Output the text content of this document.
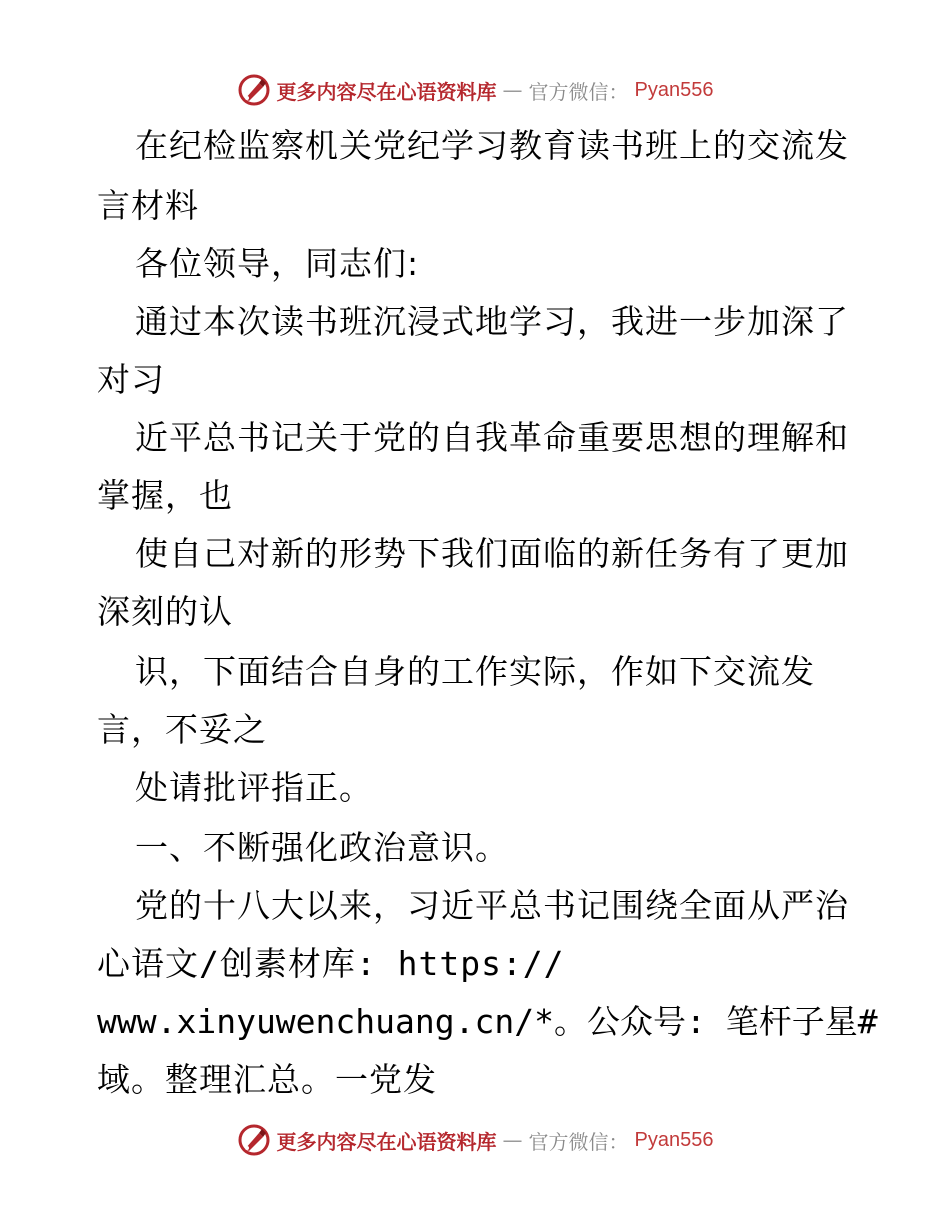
更多内容尽在心语资料库 — 官方微信： Pyan556
在纪检监察机关党纪学习教育读书班上的交流发
言材料
各位领导，同志们:
通过本次读书班沉浸式地学习，我进一步加深了
对习
近平总书记关于党的自我革命重要思想的理解和
掌握，也
使自己对新的形势下我们面临的新任务有了更加
深刻的认
识，下面结合自身的工作实际，作如下交流发
言，不妥之
处请批评指正。
一、不断强化政治意识。
党的十八大以来，习近平总书记围绕全面从严治
心语文/创素材库: https://
www.xinyuwenchuang.cn/*。公众号: 笔杆子星#
域。整理汇总。一党发
更多内容尽在心语资料库 — 官方微信： Pyan556
